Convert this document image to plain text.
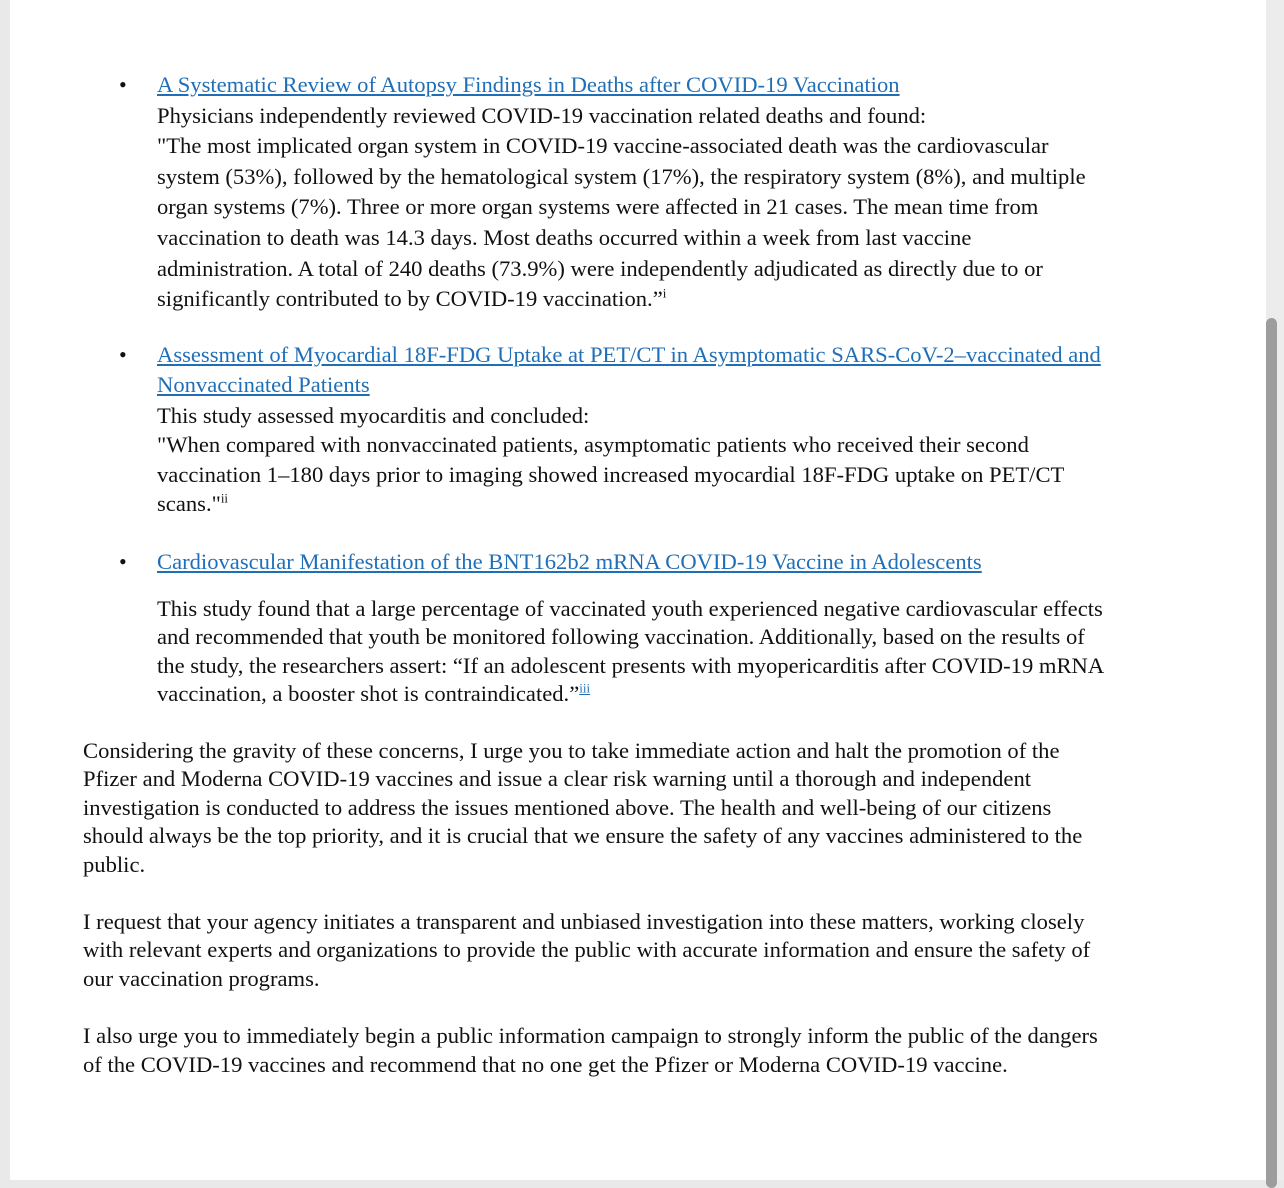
• A Systematic Review of Autopsy Findings in Deaths after COVID-19 Vaccination
Physicians independently reviewed COVID-19 vaccination related deaths and found:
"The most implicated organ system in COVID-19 vaccine-associated death was the cardiovascular
system (53%), followed by the hematological system (17%), the respiratory system (8%), and multiple
organ systems (7%). Three or more organ systems were affected in 21 cases. The mean time from
vaccination to death was 14.3 days. Most deaths occurred within a week from last vaccine
administration. A total of 240 deaths (73.9%) were independently adjudicated as directly due to or
significantly contributed to by COVID-19 vaccination.”$^i$
• Assessment of Myocardial 18F-FDG Uptake at PET/CT in Asymptomatic SARS-CoV-2–vaccinated and
Nonvaccinated Patients
This study assessed myocarditis and concluded:
"When compared with nonvaccinated patients, asymptomatic patients who received their second
vaccination 1–180 days prior to imaging showed increased myocardial 18F-FDG uptake on PET/CT
scans."$^{ii}$
• Cardiovascular Manifestation of the BNT162b2 mRNA COVID-19 Vaccine in Adolescents
This study found that a large percentage of vaccinated youth experienced negative cardiovascular effects
and recommended that youth be monitored following vaccination. Additionally, based on the results of
the study, the researchers assert: “If an adolescent presents with myopericarditis after COVID-19 mRNA
vaccination, a booster shot is contraindicated.”$^{iii}$

Considering the gravity of these concerns, I urge you to take immediate action and halt the promotion of the
Pfizer and Moderna COVID-19 vaccines and issue a clear risk warning until a thorough and independent
investigation is conducted to address the issues mentioned above. The health and well-being of our citizens
should always be the top priority, and it is crucial that we ensure the safety of any vaccines administered to the
public.

I request that your agency initiates a transparent and unbiased investigation into these matters, working closely
with relevant experts and organizations to provide the public with accurate information and ensure the safety of
our vaccination programs.

I also urge you to immediately begin a public information campaign to strongly inform the public of the dangers
of the COVID-19 vaccines and recommend that no one get the Pfizer or Moderna COVID-19 vaccine.
